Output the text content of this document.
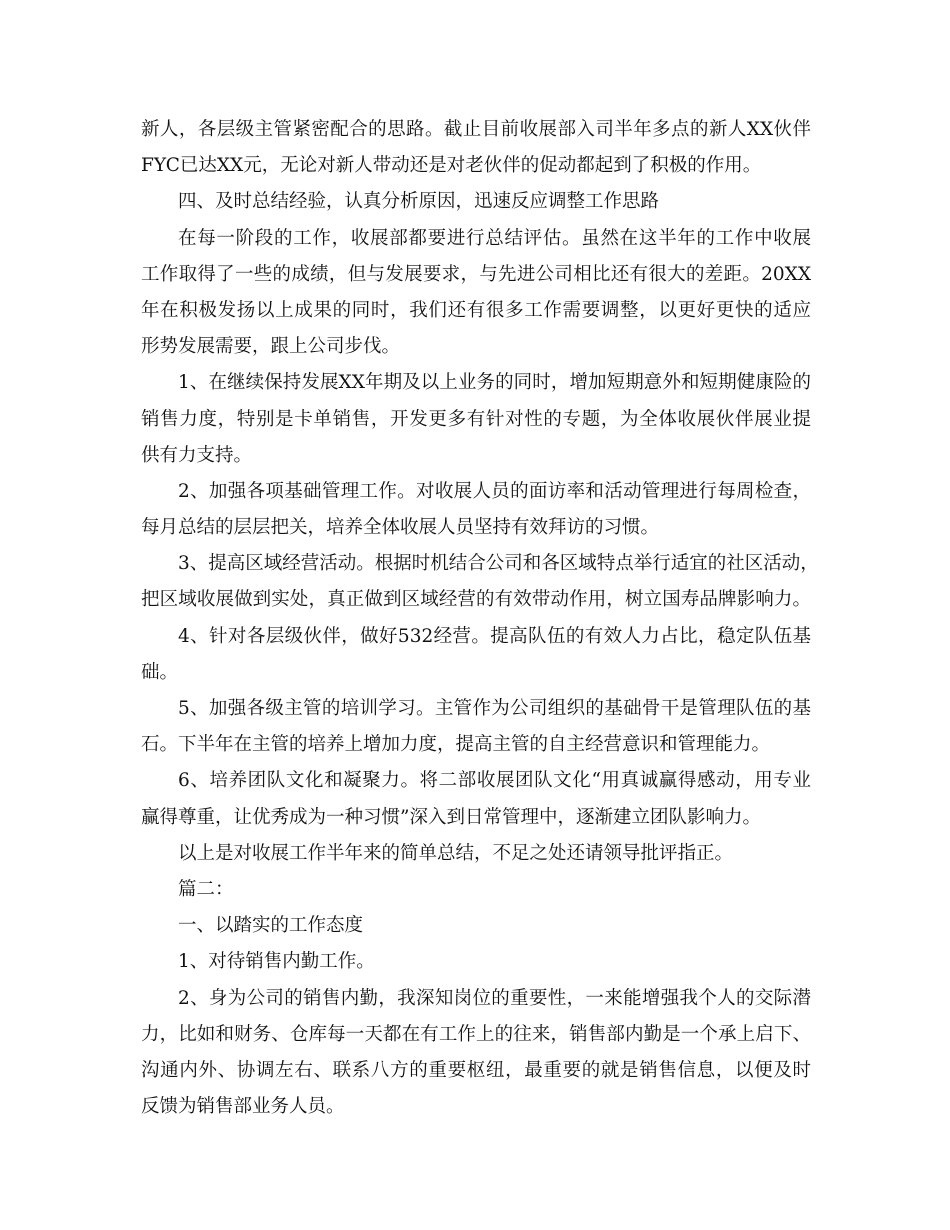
新人，各层级主管紧密配合的思路。截止目前收展部入司半年多点的新人XX伙伴
FYC已达XX元，无论对新人带动还是对老伙伴的促动都起到了积极的作用。
四、及时总结经验，认真分析原因，迅速反应调整工作思路
在每一阶段的工作，收展部都要进行总结评估。虽然在这半年的工作中收展
工作取得了一些的成绩，但与发展要求，与先进公司相比还有很大的差距。20XX
年在积极发扬以上成果的同时，我们还有很多工作需要调整，以更好更快的适应
形势发展需要，跟上公司步伐。
1、在继续保持发展XX年期及以上业务的同时，增加短期意外和短期健康险的
销售力度，特别是卡单销售，开发更多有针对性的专题，为全体收展伙伴展业提
供有力支持。
2、加强各项基础管理工作。对收展人员的面访率和活动管理进行每周检查，
每月总结的层层把关，培养全体收展人员坚持有效拜访的习惯。
3、提高区域经营活动。根据时机结合公司和各区域特点举行适宜的社区活动，
把区域收展做到实处，真正做到区域经营的有效带动作用，树立国寿品牌影响力。
4、针对各层级伙伴，做好532经营。提高队伍的有效人力占比，稳定队伍基
础。
5、加强各级主管的培训学习。主管作为公司组织的基础骨干是管理队伍的基
石。下半年在主管的培养上增加力度，提高主管的自主经营意识和管理能力。
6、培养团队文化和凝聚力。将二部收展团队文化“用真诚赢得感动，用专业
赢得尊重，让优秀成为一种习惯”深入到日常管理中，逐渐建立团队影响力。
以上是对收展工作半年来的简单总结，不足之处还请领导批评指正。
篇二：
一、以踏实的工作态度
1、对待销售内勤工作。
2、身为公司的销售内勤，我深知岗位的重要性，一来能增强我个人的交际潜
力，比如和财务、仓库每一天都在有工作上的往来，销售部内勤是一个承上启下、
沟通内外、协调左右、联系八方的重要枢纽，最重要的就是销售信息，以便及时
反馈为销售部业务人员。
